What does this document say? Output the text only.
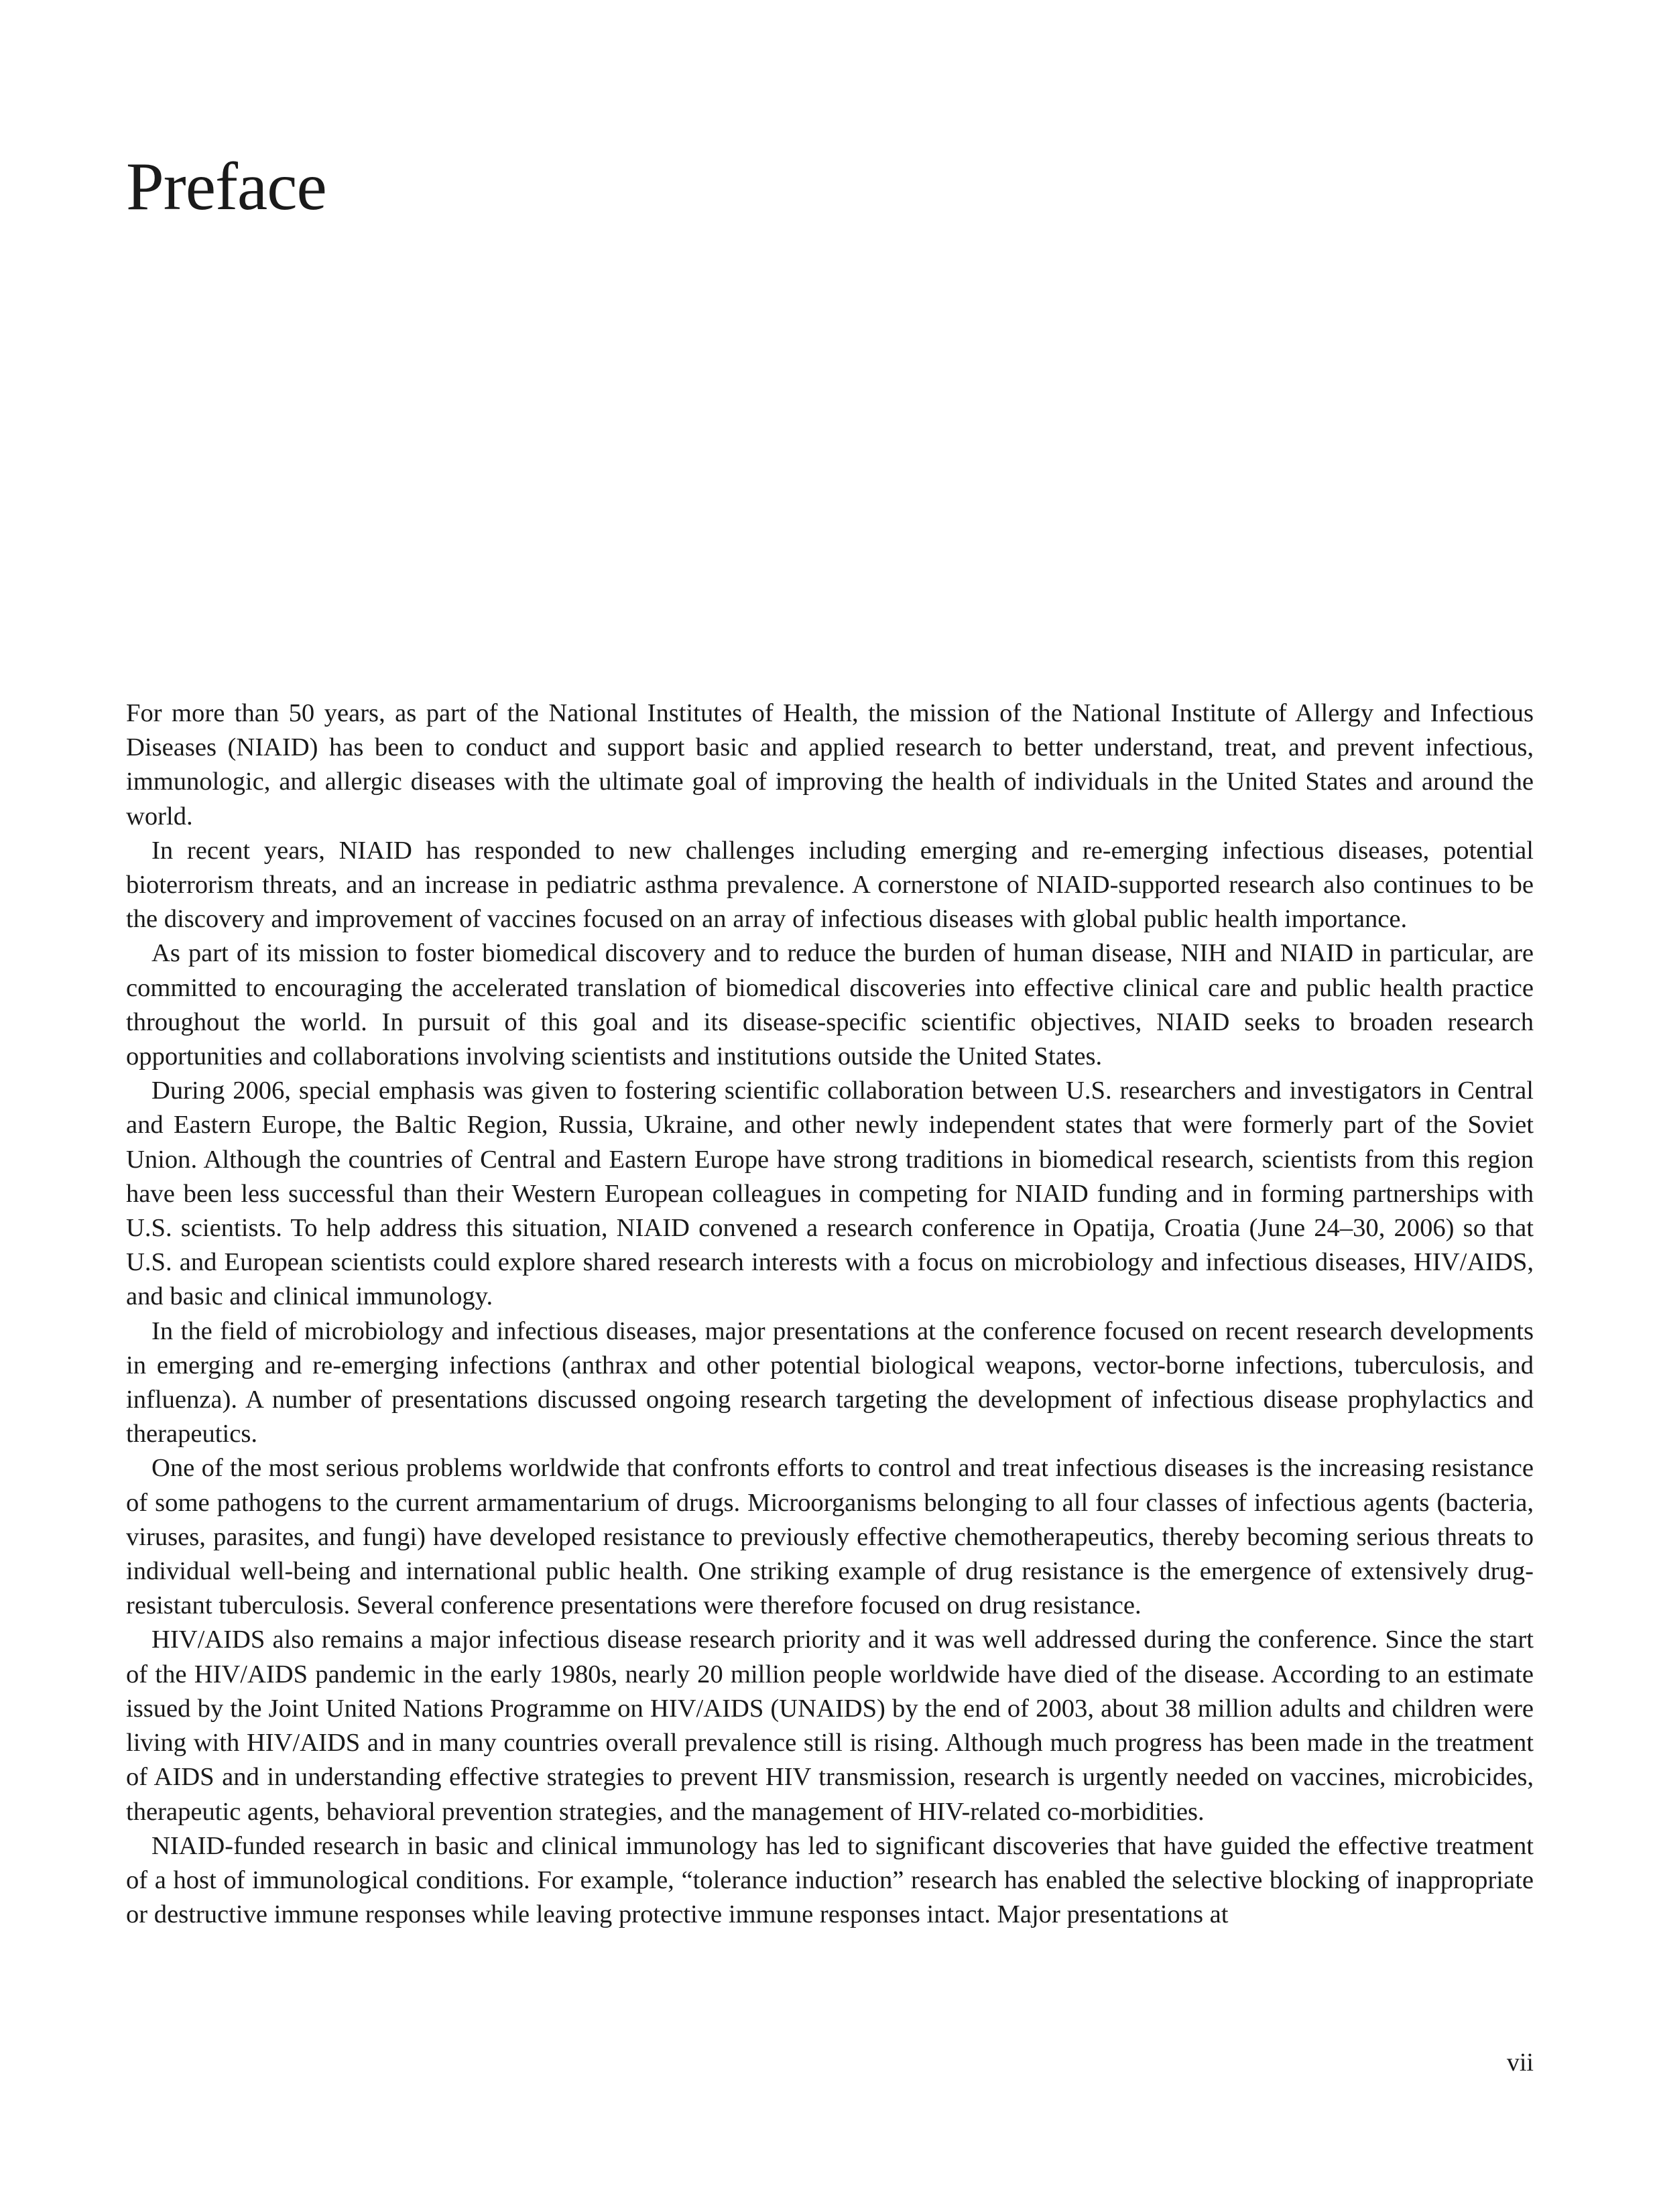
Preface

For more than 50 years, as part of the National Institutes of Health, the mission of the National Institute of Allergy and Infectious Diseases (NIAID) has been to conduct and support basic and applied research to better understand, treat, and prevent infectious, immunologic, and allergic diseases with the ultimate goal of improving the health of individuals in the United States and around the world.

In recent years, NIAID has responded to new challenges including emerging and re-emerging infectious diseases, potential bioterrorism threats, and an increase in pediatric asthma prevalence. A cornerstone of NIAID-supported research also continues to be the discovery and improvement of vaccines focused on an array of infectious diseases with global public health importance.

As part of its mission to foster biomedical discovery and to reduce the burden of human disease, NIH and NIAID in particular, are committed to encouraging the accelerated translation of biomedical discoveries into effective clinical care and public health practice throughout the world. In pursuit of this goal and its disease-specific scientific objectives, NIAID seeks to broaden research opportunities and collaborations involving scientists and institutions outside the United States.

During 2006, special emphasis was given to fostering scientific collaboration between U.S. researchers and investigators in Central and Eastern Europe, the Baltic Region, Russia, Ukraine, and other newly independent states that were formerly part of the Soviet Union. Although the countries of Central and Eastern Europe have strong traditions in biomedical research, scientists from this region have been less successful than their Western European colleagues in competing for NIAID funding and in forming partnerships with U.S. scientists. To help address this situation, NIAID convened a research conference in Opatija, Croatia (June 24–30, 2006) so that U.S. and European scientists could explore shared research interests with a focus on microbiology and infectious diseases, HIV/AIDS, and basic and clinical immunology.

In the field of microbiology and infectious diseases, major presentations at the conference focused on recent research developments in emerging and re-emerging infections (anthrax and other potential biological weapons, vector-borne infections, tuberculosis, and influenza). A number of presentations discussed ongoing research targeting the development of infectious disease prophylactics and therapeutics.

One of the most serious problems worldwide that confronts efforts to control and treat infectious diseases is the increasing resistance of some pathogens to the current armamentarium of drugs. Microorganisms belonging to all four classes of infectious agents (bacteria, viruses, parasites, and fungi) have developed resistance to previously effective chemotherapeutics, thereby becoming serious threats to individual well-being and international public health. One striking example of drug resistance is the emergence of extensively drug-resistant tuberculosis. Several conference presentations were therefore focused on drug resistance.

HIV/AIDS also remains a major infectious disease research priority and it was well addressed during the conference. Since the start of the HIV/AIDS pandemic in the early 1980s, nearly 20 million people worldwide have died of the disease. According to an estimate issued by the Joint United Nations Programme on HIV/AIDS (UNAIDS) by the end of 2003, about 38 million adults and children were living with HIV/AIDS and in many countries overall prevalence still is rising. Although much progress has been made in the treatment of AIDS and in understanding effective strategies to prevent HIV transmission, research is urgently needed on vaccines, microbicides, therapeutic agents, behavioral prevention strategies, and the management of HIV-related co-morbidities.

NIAID-funded research in basic and clinical immunology has led to significant discoveries that have guided the effective treatment of a host of immunological conditions. For example, “tolerance induction” research has enabled the selective blocking of inappropriate or destructive immune responses while leaving protective immune responses intact. Major presentations at

vii
